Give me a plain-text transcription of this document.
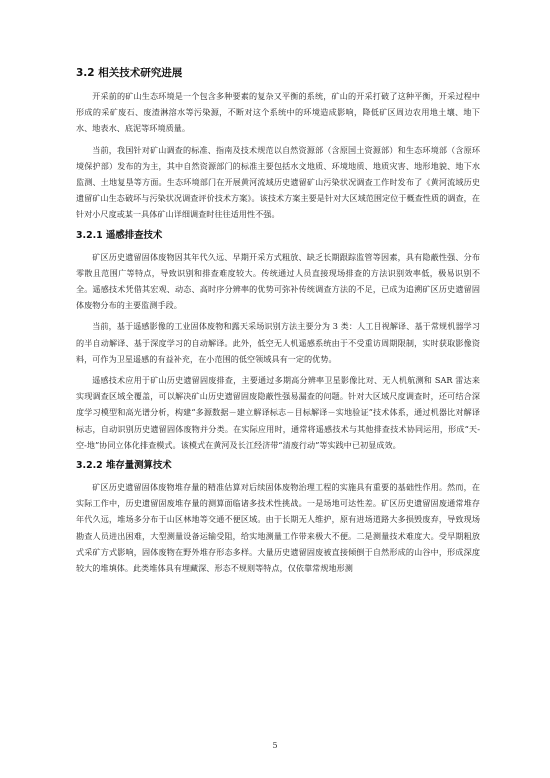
3.2 相关技术研究进展

开采前的矿山生态环境是一个包含多种要素的复杂又平衡的系统，矿山的开采打破了这种平衡，开采过程中形成的采矿废石、废渣淋溶水等污染源，不断对这个系统中的环境造成影响，降低矿区周边农用地土壤、地下水、地表水、底泥等环境质量。

当前，我国针对矿山调查的标准、指南及技术规范以自然资源部（含原国土资源部）和生态环境部（含原环境保护部）发布的为主，其中自然资源部门的标准主要包括水文地质、环境地质、地质灾害、地形地貌、地下水监测、土地复垦等方面。生态环境部门在开展黄河流域历史遗留矿山污染状况调查工作时发布了《黄河流域历史遗留矿山生态破坏与污染状况调查评价技术方案》。该技术方案主要是针对大区域范围定位于概查性质的调查，在针对小尺度或某一具体矿山详细调查时往往适用性不强。

3.2.1 遥感排查技术

矿区历史遗留固体废物因其年代久远、早期开采方式粗放、缺乏长期跟踪监管等因素，具有隐蔽性强、分布零散且范围广等特点，导致识别和排查难度较大。传统通过人员直接现场排查的方法识别效率低，极易识别不全。遥感技术凭借其宏观、动态、高时序分辨率的优势可弥补传统调查方法的不足，已成为追溯矿区历史遗留固体废物分布的主要监测手段。

当前，基于遥感影像的工业固体废物和露天采场识别方法主要分为 3 类：人工目视解译、基于常规机器学习的半自动解译、基于深度学习的自动解译。此外，低空无人机遥感系统由于不受重访周期限制，实时获取影像资料，可作为卫星遥感的有益补充，在小范围的低空领域具有一定的优势。

遥感技术应用于矿山历史遗留固废排查，主要通过多期高分辨率卫星影像比对、无人机航测和 SAR 雷达来实现调查区域全覆盖，可以解决矿山历史遗留固废隐蔽性强易漏查的问题。针对大区域尺度调查时，还可结合深度学习模型和高光谱分析，构建“多源数据－建立解译标志－目标解译－实地验证”技术体系，通过机器比对解译标志，自动识别历史遗留固体废物并分类。在实际应用时，通常将遥感技术与其他排查技术协同运用，形成“天-空-地”协同立体化排查模式。该模式在黄河及长江经济带“清废行动”等实践中已初显成效。

3.2.2 堆存量测算技术

矿区历史遗留固体废物堆存量的精准估算对后续固体废物治理工程的实施具有重要的基础性作用。然而，在实际工作中，历史遗留固废堆存量的测算面临诸多技术性挑战。一是场地可达性差。矿区历史遗留固废通常堆存年代久远，堆场多分布于山区林地等交通不便区域。由于长期无人维护，原有进场道路大多损毁废弃，导致现场勘查人员进出困难，大型测量设备运输受阻，给实地测量工作带来极大不便。二是测量技术难度大。受早期粗放式采矿方式影响，固体废物在野外堆存形态多样。大量历史遗留固废被直接倾倒于自然形成的山谷中，形成深度较大的堆填体。此类堆体具有埋藏深、形态不规则等特点，仅依靠常规地形测

5
